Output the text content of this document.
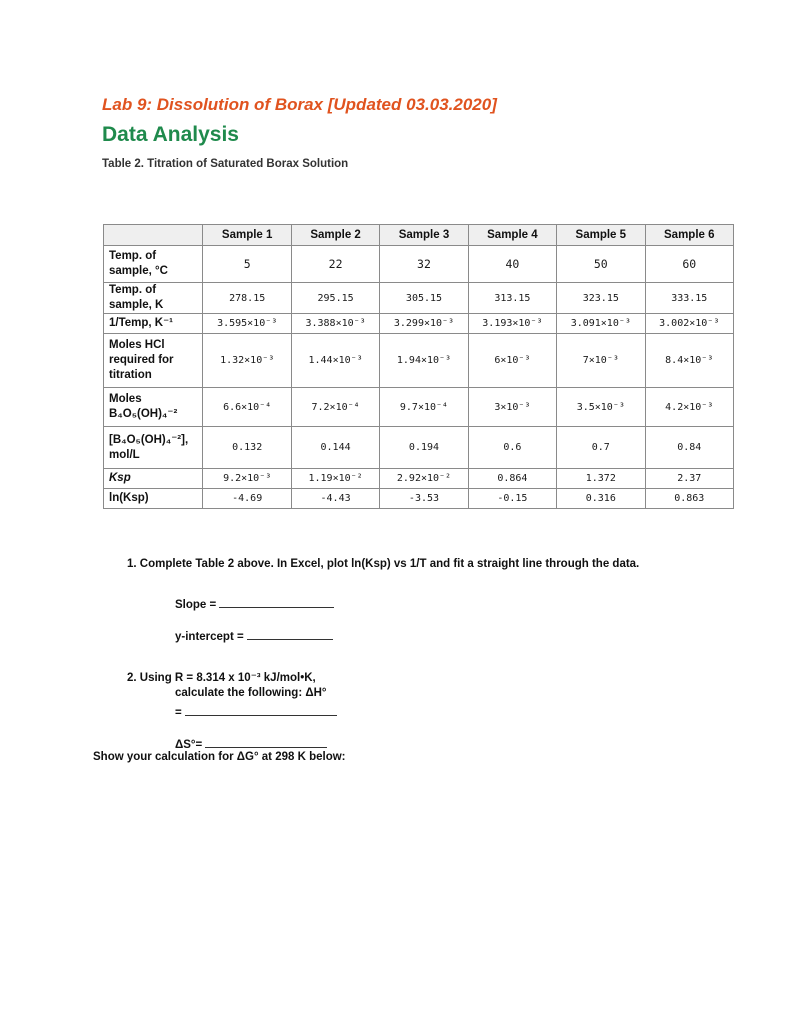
Lab 9: Dissolution of Borax [Updated 03.03.2020]
Data Analysis

Table 2. Titration of Saturated Borax Solution

	Sample 1	Sample 2	Sample 3	Sample 4	Sample 5	Sample 6
Temp. of sample, °C	5	22	32	40	50	60
Temp. of sample, K	278.15	295.15	305.15	313.15	323.15	333.15
1/Temp, K⁻¹	3.595×10⁻³	3.388×10⁻³	3.299×10⁻³	3.193×10⁻³	3.091×10⁻³	3.002×10⁻³
Moles HCl required for titration	1.32×10⁻³	1.44×10⁻³	1.94×10⁻³	6×10⁻³	7×10⁻³	8.4×10⁻³
Moles B₄O₅(OH)₄⁻²	6.6×10⁻⁴	7.2×10⁻⁴	9.7×10⁻⁴	3×10⁻³	3.5×10⁻³	4.2×10⁻³
[B₄O₅(OH)₄⁻²], mol/L	0.132	0.144	0.194	0.6	0.7	0.84
Ksp	9.2×10⁻³	1.19×10⁻²	2.92×10⁻²	0.864	1.372	2.37
ln(Ksp)	-4.69	-4.43	-3.53	-0.15	0.316	0.863

1. Complete Table 2 above. In Excel, plot ln(Ksp) vs 1/T and fit a straight line through the data.

Slope =
y-intercept =

2. Using R = 8.314 x 10⁻³ kJ/mol•K,

calculate the following: ΔH°

=
ΔS°=

Show your calculation for ΔG° at 298 K below:
